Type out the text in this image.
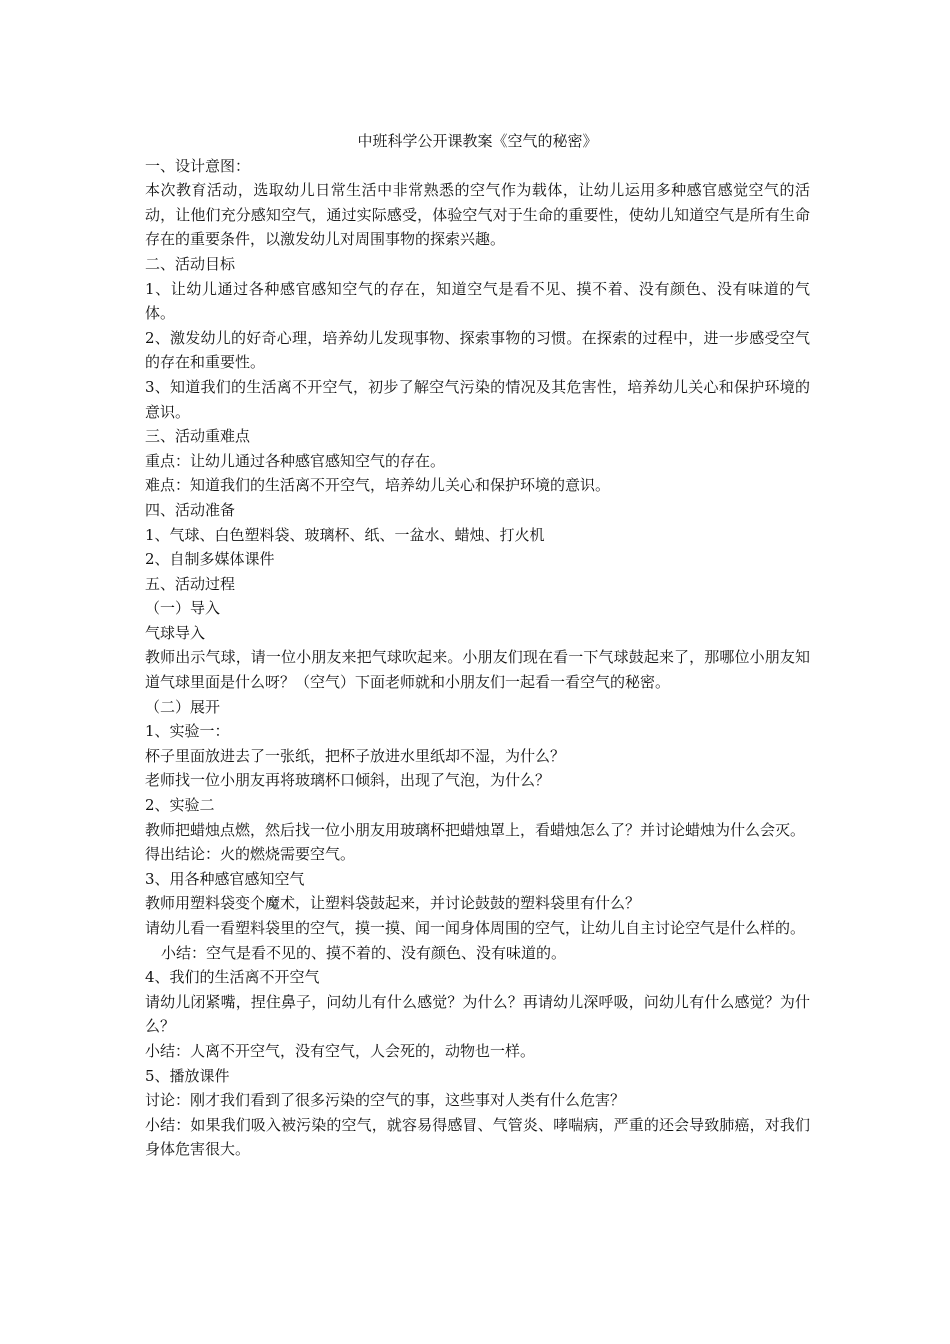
中班科学公开课教案《空气的秘密》

一、设计意图：

本次教育活动，选取幼儿日常生活中非常熟悉的空气作为载体，让幼儿运用多种感官感觉空气的活动，让他们充分感知空气，通过实际感受，体验空气对于生命的重要性，使幼儿知道空气是所有生命存在的重要条件，以激发幼儿对周围事物的探索兴趣。

二、活动目标

1、让幼儿通过各种感官感知空气的存在，知道空气是看不见、摸不着、没有颜色、没有味道的气体。

2、激发幼儿的好奇心理，培养幼儿发现事物、探索事物的习惯。在探索的过程中，进一步感受空气的存在和重要性。

3、知道我们的生活离不开空气，初步了解空气污染的情况及其危害性，培养幼儿关心和保护环境的意识。

三、活动重难点

重点：让幼儿通过各种感官感知空气的存在。

难点：知道我们的生活离不开空气，培养幼儿关心和保护环境的意识。

四、活动准备

1、气球、白色塑料袋、玻璃杯、纸、一盆水、蜡烛、打火机

2、自制多媒体课件

五、活动过程

（一）导入

气球导入

教师出示气球，请一位小朋友来把气球吹起来。小朋友们现在看一下气球鼓起来了，那哪位小朋友知道气球里面是什么呀？（空气）下面老师就和小朋友们一起看一看空气的秘密。

（二）展开

1、实验一：

杯子里面放进去了一张纸，把杯子放进水里纸却不湿，为什么？

老师找一位小朋友再将玻璃杯口倾斜，出现了气泡，为什么？

2、实验二

教师把蜡烛点燃，然后找一位小朋友用玻璃杯把蜡烛罩上，看蜡烛怎么了？并讨论蜡烛为什么会灭。

得出结论：火的燃烧需要空气。

3、用各种感官感知空气

教师用塑料袋变个魔术，让塑料袋鼓起来，并讨论鼓鼓的塑料袋里有什么？

请幼儿看一看塑料袋里的空气，摸一摸、闻一闻身体周围的空气，让幼儿自主讨论空气是什么样的。

小结：空气是看不见的、摸不着的、没有颜色、没有味道的。

4、我们的生活离不开空气

请幼儿闭紧嘴，捏住鼻子，问幼儿有什么感觉？为什么？再请幼儿深呼吸，问幼儿有什么感觉？为什么？

小结：人离不开空气，没有空气，人会死的，动物也一样。

5、播放课件

讨论：刚才我们看到了很多污染的空气的事，这些事对人类有什么危害？

小结：如果我们吸入被污染的空气，就容易得感冒、气管炎、哮喘病，严重的还会导致肺癌，对我们身体危害很大。
